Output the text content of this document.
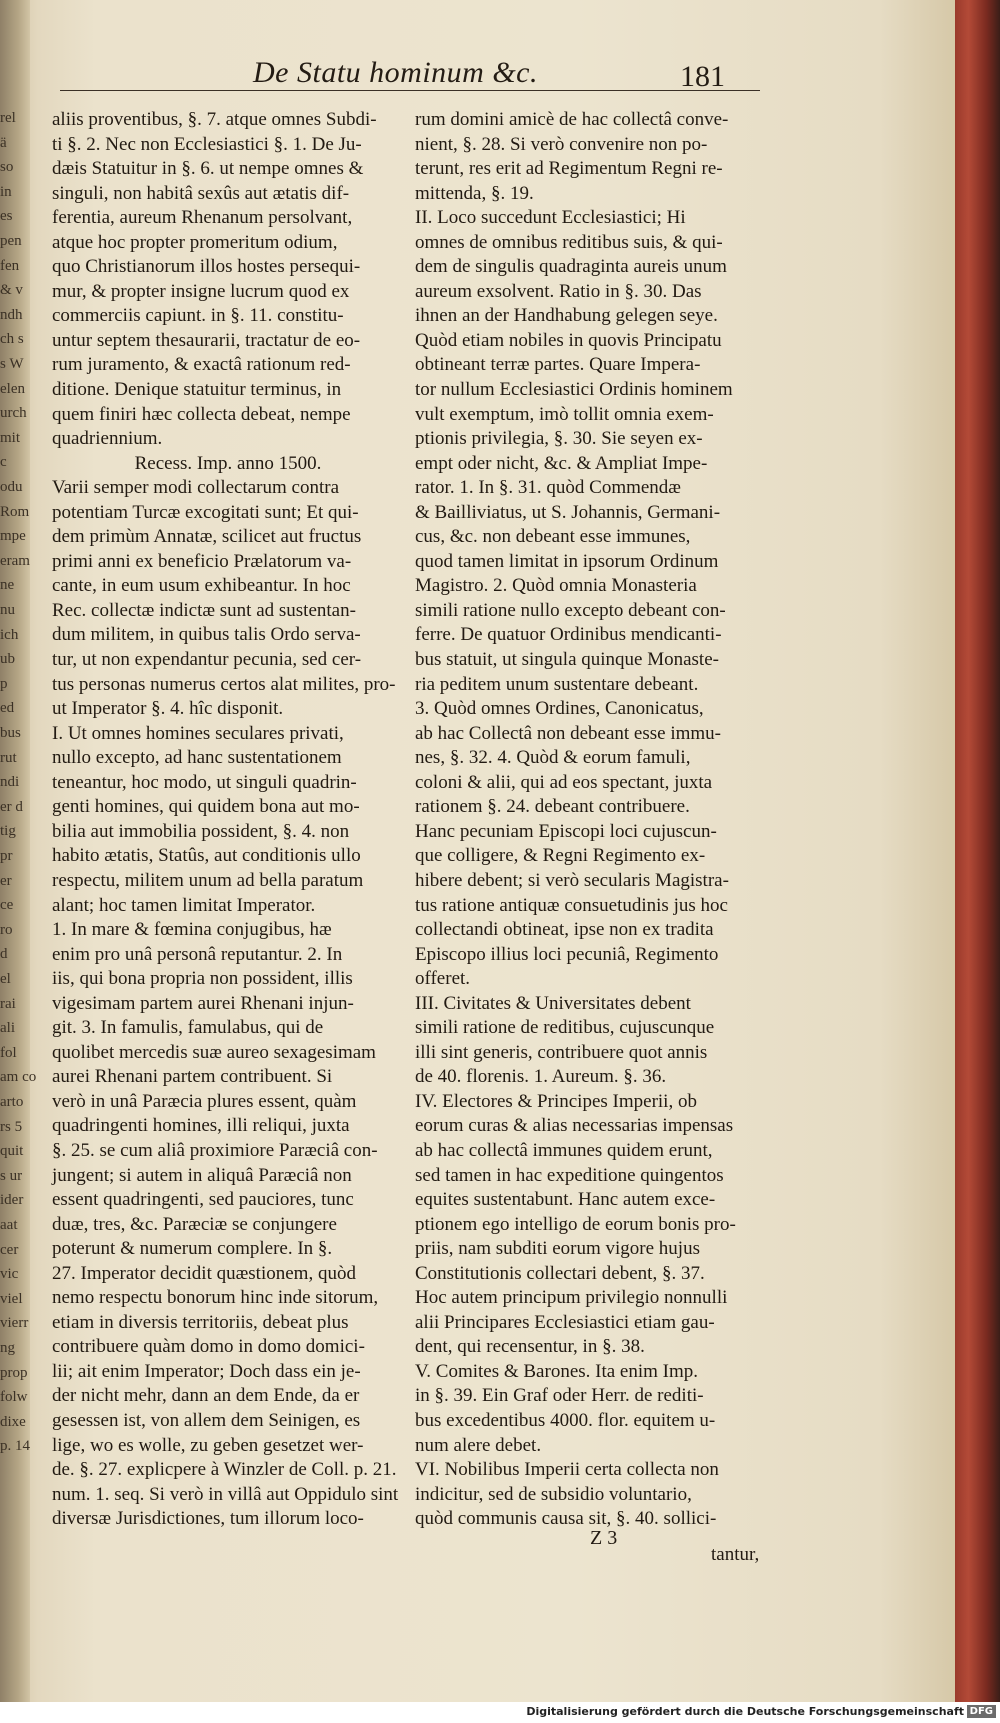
rel
ä
so
in
es
pen
fen
& v
ndh
ch s
s W
elen
urch
mit
c
odu
Rom
mpe
eram
ne
nu
ich
ub
p
ed
bus
rut
ndi
er d
tig
pr
er
ce
ro
d
el
rai
ali
fol
am co
arto
rs 5
quit
s ur
ider
aat
cer
vic
viel
vierr
ng
prop
folw
dixe
p. 14
De Statu hominum &c.	181
aliis proventibus, §. 7. atque omnes Subdi-
ti §. 2. Nec non Ecclesiastici §. 1. De Ju-
dæis Statuitur in §. 6. ut nempe omnes &
singuli, non habitâ sexûs aut ætatis dif-
ferentia, aureum Rhenanum persolvant,
atque hoc propter promeritum odium,
quo Christianorum illos hostes persequi-
mur, & propter insigne lucrum quod ex
commerciis capiunt. in §. 11. constitu-
untur septem thesaurarii, tractatur de eo-
rum juramento, & exactâ rationum red-
ditione. Denique statuitur terminus, in
quem finiri hæc collecta debeat, nempe
quadriennium.
Recess. Imp. anno 1500.
Varii semper modi collectarum contra
potentiam Turcæ excogitati sunt; Et qui-
dem primùm Annatæ, scilicet aut fructus
primi anni ex beneficio Prælatorum va-
cante, in eum usum exhibeantur. In hoc
Rec. collectæ indictæ sunt ad sustentan-
dum militem, in quibus talis Ordo serva-
tur, ut non expendantur pecunia, sed cer-
tus personas numerus certos alat milites, pro-
ut Imperator §. 4. hîc disponit.
I. Ut omnes homines seculares privati,
nullo excepto, ad hanc sustentationem
teneantur, hoc modo, ut singuli quadrin-
genti homines, qui quidem bona aut mo-
bilia aut immobilia possident, §. 4. non
habito ætatis, Statûs, aut conditionis ullo
respectu, militem unum ad bella paratum
alant; hoc tamen limitat Imperator.
1. In mare & fœmina conjugibus, hæ
enim pro unâ personâ reputantur. 2. In
iis, qui bona propria non possident, illis
vigesimam partem aurei Rhenani injun-
git. 3. In famulis, famulabus, qui de
quolibet mercedis suæ aureo sexagesimam
aurei Rhenani partem contribuent. Si
verò in unâ Paræcia plures essent, quàm
quadringenti homines, illi reliqui, juxta
§. 25. se cum aliâ proximiore Paræciâ con-
jungent; si autem in aliquâ Paræciâ non
essent quadringenti, sed pauciores, tunc
duæ, tres, &c. Paræciæ se conjungere
poterunt & numerum complere. In §.
27. Imperator decidit quæstionem, quòd
nemo respectu bonorum hinc inde sitorum,
etiam in diversis territoriis, debeat plus
contribuere quàm domo in domo domici-
lii; ait enim Imperator; Doch dass ein je-
der nicht mehr, dann an dem Ende, da er
gesessen ist, von allem dem Seinigen, es
lige, wo es wolle, zu geben gesetzet wer-
de. §. 27. explicpere à Winzler de Coll. p. 21.
num. 1. seq. Si verò in villâ aut Oppidulo sint
diversæ Jurisdictiones, tum illorum loco-
rum domini amicè de hac collectâ conve-
nient, §. 28. Si verò convenire non po-
terunt, res erit ad Regimentum Regni re-
mittenda, §. 19.
II. Loco succedunt Ecclesiastici; Hi
omnes de omnibus reditibus suis, & qui-
dem de singulis quadraginta aureis unum
aureum exsolvent. Ratio in §. 30. Das
ihnen an der Handhabung gelegen seye.
Quòd etiam nobiles in quovis Principatu
obtineant terræ partes. Quare Impera-
tor nullum Ecclesiastici Ordinis hominem
vult exemptum, imò tollit omnia exem-
ptionis privilegia, §. 30. Sie seyen ex-
empt oder nicht, &c. & Ampliat Impe-
rator. 1. In §. 31. quòd Commendæ
& Bailliviatus, ut S. Johannis, Germani-
cus, &c. non debeant esse immunes,
quod tamen limitat in ipsorum Ordinum
Magistro. 2. Quòd omnia Monasteria
simili ratione nullo excepto debeant con-
ferre. De quatuor Ordinibus mendicanti-
bus statuit, ut singula quinque Monaste-
ria peditem unum sustentare debeant.
3. Quòd omnes Ordines, Canonicatus,
ab hac Collectâ non debeant esse immu-
nes, §. 32. 4. Quòd & eorum famuli,
coloni & alii, qui ad eos spectant, juxta
rationem §. 24. debeant contribuere.
Hanc pecuniam Episcopi loci cujuscun-
que colligere, & Regni Regimento ex-
hibere debent; si verò secularis Magistra-
tus ratione antiquæ consuetudinis jus hoc
collectandi obtineat, ipse non ex tradita
Episcopo illius loci pecuniâ, Regimento
offeret.
III. Civitates & Universitates debent
simili ratione de reditibus, cujuscunque
illi sint generis, contribuere quot annis
de 40. florenis. 1. Aureum. §. 36.
IV. Electores & Principes Imperii, ob
eorum curas & alias necessarias impensas
ab hac collectâ immunes quidem erunt,
sed tamen in hac expeditione quingentos
equites sustentabunt. Hanc autem exce-
ptionem ego intelligo de eorum bonis pro-
priis, nam subditi eorum vigore hujus
Constitutionis collectari debent, §. 37.
Hoc autem principum privilegio nonnulli
alii Principares Ecclesiastici etiam gau-
dent, qui recensentur, in §. 38.
V. Comites & Barones. Ita enim Imp.
in §. 39. Ein Graf oder Herr. de rediti-
bus excedentibus 4000. flor. equitem u-
num alere debet.
VI. Nobilibus Imperii certa collecta non
indicitur, sed de subsidio voluntario,
quòd communis causa sit, §. 40. sollici-
Z 3
tantur,
Digitalisierung gefördert durch die Deutsche Forschungsgemeinschaft DFG
